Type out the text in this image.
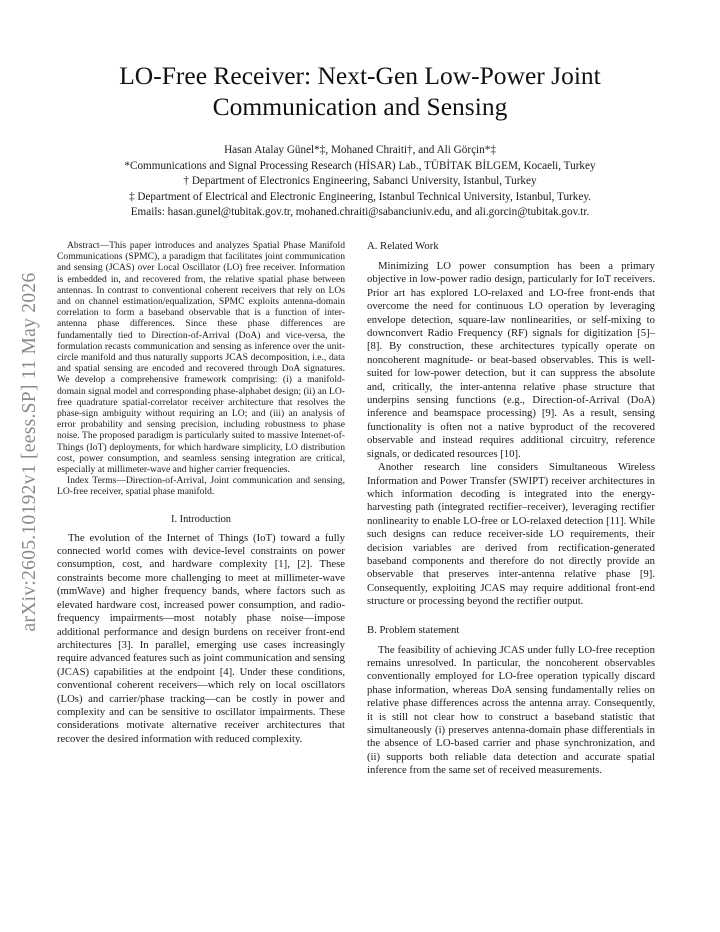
arXiv:2605.10192v1 [eess.SP] 11 May 2026
LO-Free Receiver: Next-Gen Low-Power Joint
Communication and Sensing
Hasan Atalay Günel*‡, Mohaned Chraiti†, and Ali Görçin*‡
*Communications and Signal Processing Research (HİSAR) Lab., TÜBİTAK BİLGEM, Kocaeli, Turkey
† Department of Electronics Engineering, Sabanci University, Istanbul, Turkey
‡ Department of Electrical and Electronic Engineering, Istanbul Technical University, Istanbul, Turkey.
Emails: hasan.gunel@tubitak.gov.tr, mohaned.chraiti@sabanciuniv.edu, and ali.gorcin@tubitak.gov.tr.

Abstract—This paper introduces and analyzes Spatial Phase Manifold Communications (SPMC), a paradigm that facilitates joint communication and sensing (JCAS) over Local Oscillator (LO) free receiver. Information is embedded in, and recovered from, the relative spatial phase between antennas. In contrast to conventional coherent receivers that rely on LOs and on channel estimation/equalization, SPMC exploits antenna-domain correlation to form a baseband observable that is a function of inter-antenna phase differences. Since these phase differences are fundamentally tied to Direction-of-Arrival (DoA) and vice-versa, the formulation recasts communication and sensing as inference over the unit-circle manifold and thus naturally supports JCAS decomposition, i.e., data and spatial sensing are encoded and recovered through DoA signatures. We develop a comprehensive framework comprising: (i) a manifold-domain signal model and corresponding phase-alphabet design; (ii) an LO-free quadrature spatial-correlator receiver architecture that resolves the phase-sign ambiguity without requiring an LO; and (iii) an analysis of error probability and sensing precision, including robustness to phase noise. The proposed paradigm is particularly suited to massive Internet-of-Things (IoT) deployments, for which hardware simplicity, LO distribution cost, power consumption, and seamless sensing integration are critical, especially at millimeter-wave and higher carrier frequencies.

Index Terms—Direction-of-Arrival, Joint communication and sensing, LO-free receiver, spatial phase manifold.

I. Introduction

The evolution of the Internet of Things (IoT) toward a fully connected world comes with device-level constraints on power consumption, cost, and hardware complexity [1], [2]. These constraints become more challenging to meet at millimeter-wave (mmWave) and higher frequency bands, where factors such as elevated hardware cost, increased power consumption, and radio-frequency impairments—most notably phase noise—impose additional performance and design burdens on receiver front-end architectures [3]. In parallel, emerging use cases increasingly require advanced features such as joint communication and sensing (JCAS) capabilities at the endpoint [4]. Under these conditions, conventional coherent receivers—which rely on local oscillators (LOs) and carrier/phase tracking—can be costly in power and complexity and can be sensitive to oscillator impairments. These considerations motivate alternative receiver architectures that recover the desired information with reduced complexity.

A. Related Work

Minimizing LO power consumption has been a primary objective in low-power radio design, particularly for IoT receivers. Prior art has explored LO-relaxed and LO-free front-ends that overcome the need for continuous LO operation by leveraging envelope detection, square-law nonlinearities, or self-mixing to downconvert Radio Frequency (RF) signals for digitization [5]–[8]. By construction, these architectures typically operate on noncoherent magnitude- or beat-based observables. This is well-suited for low-power detection, but it can suppress the absolute and, critically, the inter-antenna relative phase structure that underpins sensing functions (e.g., Direction-of-Arrival (DoA) inference and beamspace processing) [9]. As a result, sensing functionality is often not a native byproduct of the recovered observable and instead requires additional circuitry, reference signals, or dedicated resources [10].

Another research line considers Simultaneous Wireless Information and Power Transfer (SWIPT) receiver architectures in which information decoding is integrated into the energy-harvesting path (integrated rectifier–receiver), leveraging rectifier nonlinearity to enable LO-free or LO-relaxed detection [11]. While such designs can reduce receiver-side LO requirements, their decision variables are derived from rectification-generated baseband components and therefore do not directly provide an observable that preserves inter-antenna relative phase [9]. Consequently, exploiting JCAS may require additional front-end structure or processing beyond the rectifier output.

B. Problem statement

The feasibility of achieving JCAS under fully LO-free reception remains unresolved. In particular, the noncoherent observables conventionally employed for LO-free operation typically discard phase information, whereas DoA sensing fundamentally relies on relative phase differences across the antenna array. Consequently, it is still not clear how to construct a baseband statistic that simultaneously (i) preserves antenna-domain phase differentials in the absence of LO-based carrier and phase synchronization, and (ii) supports both reliable data detection and accurate spatial inference from the same set of received measurements.
